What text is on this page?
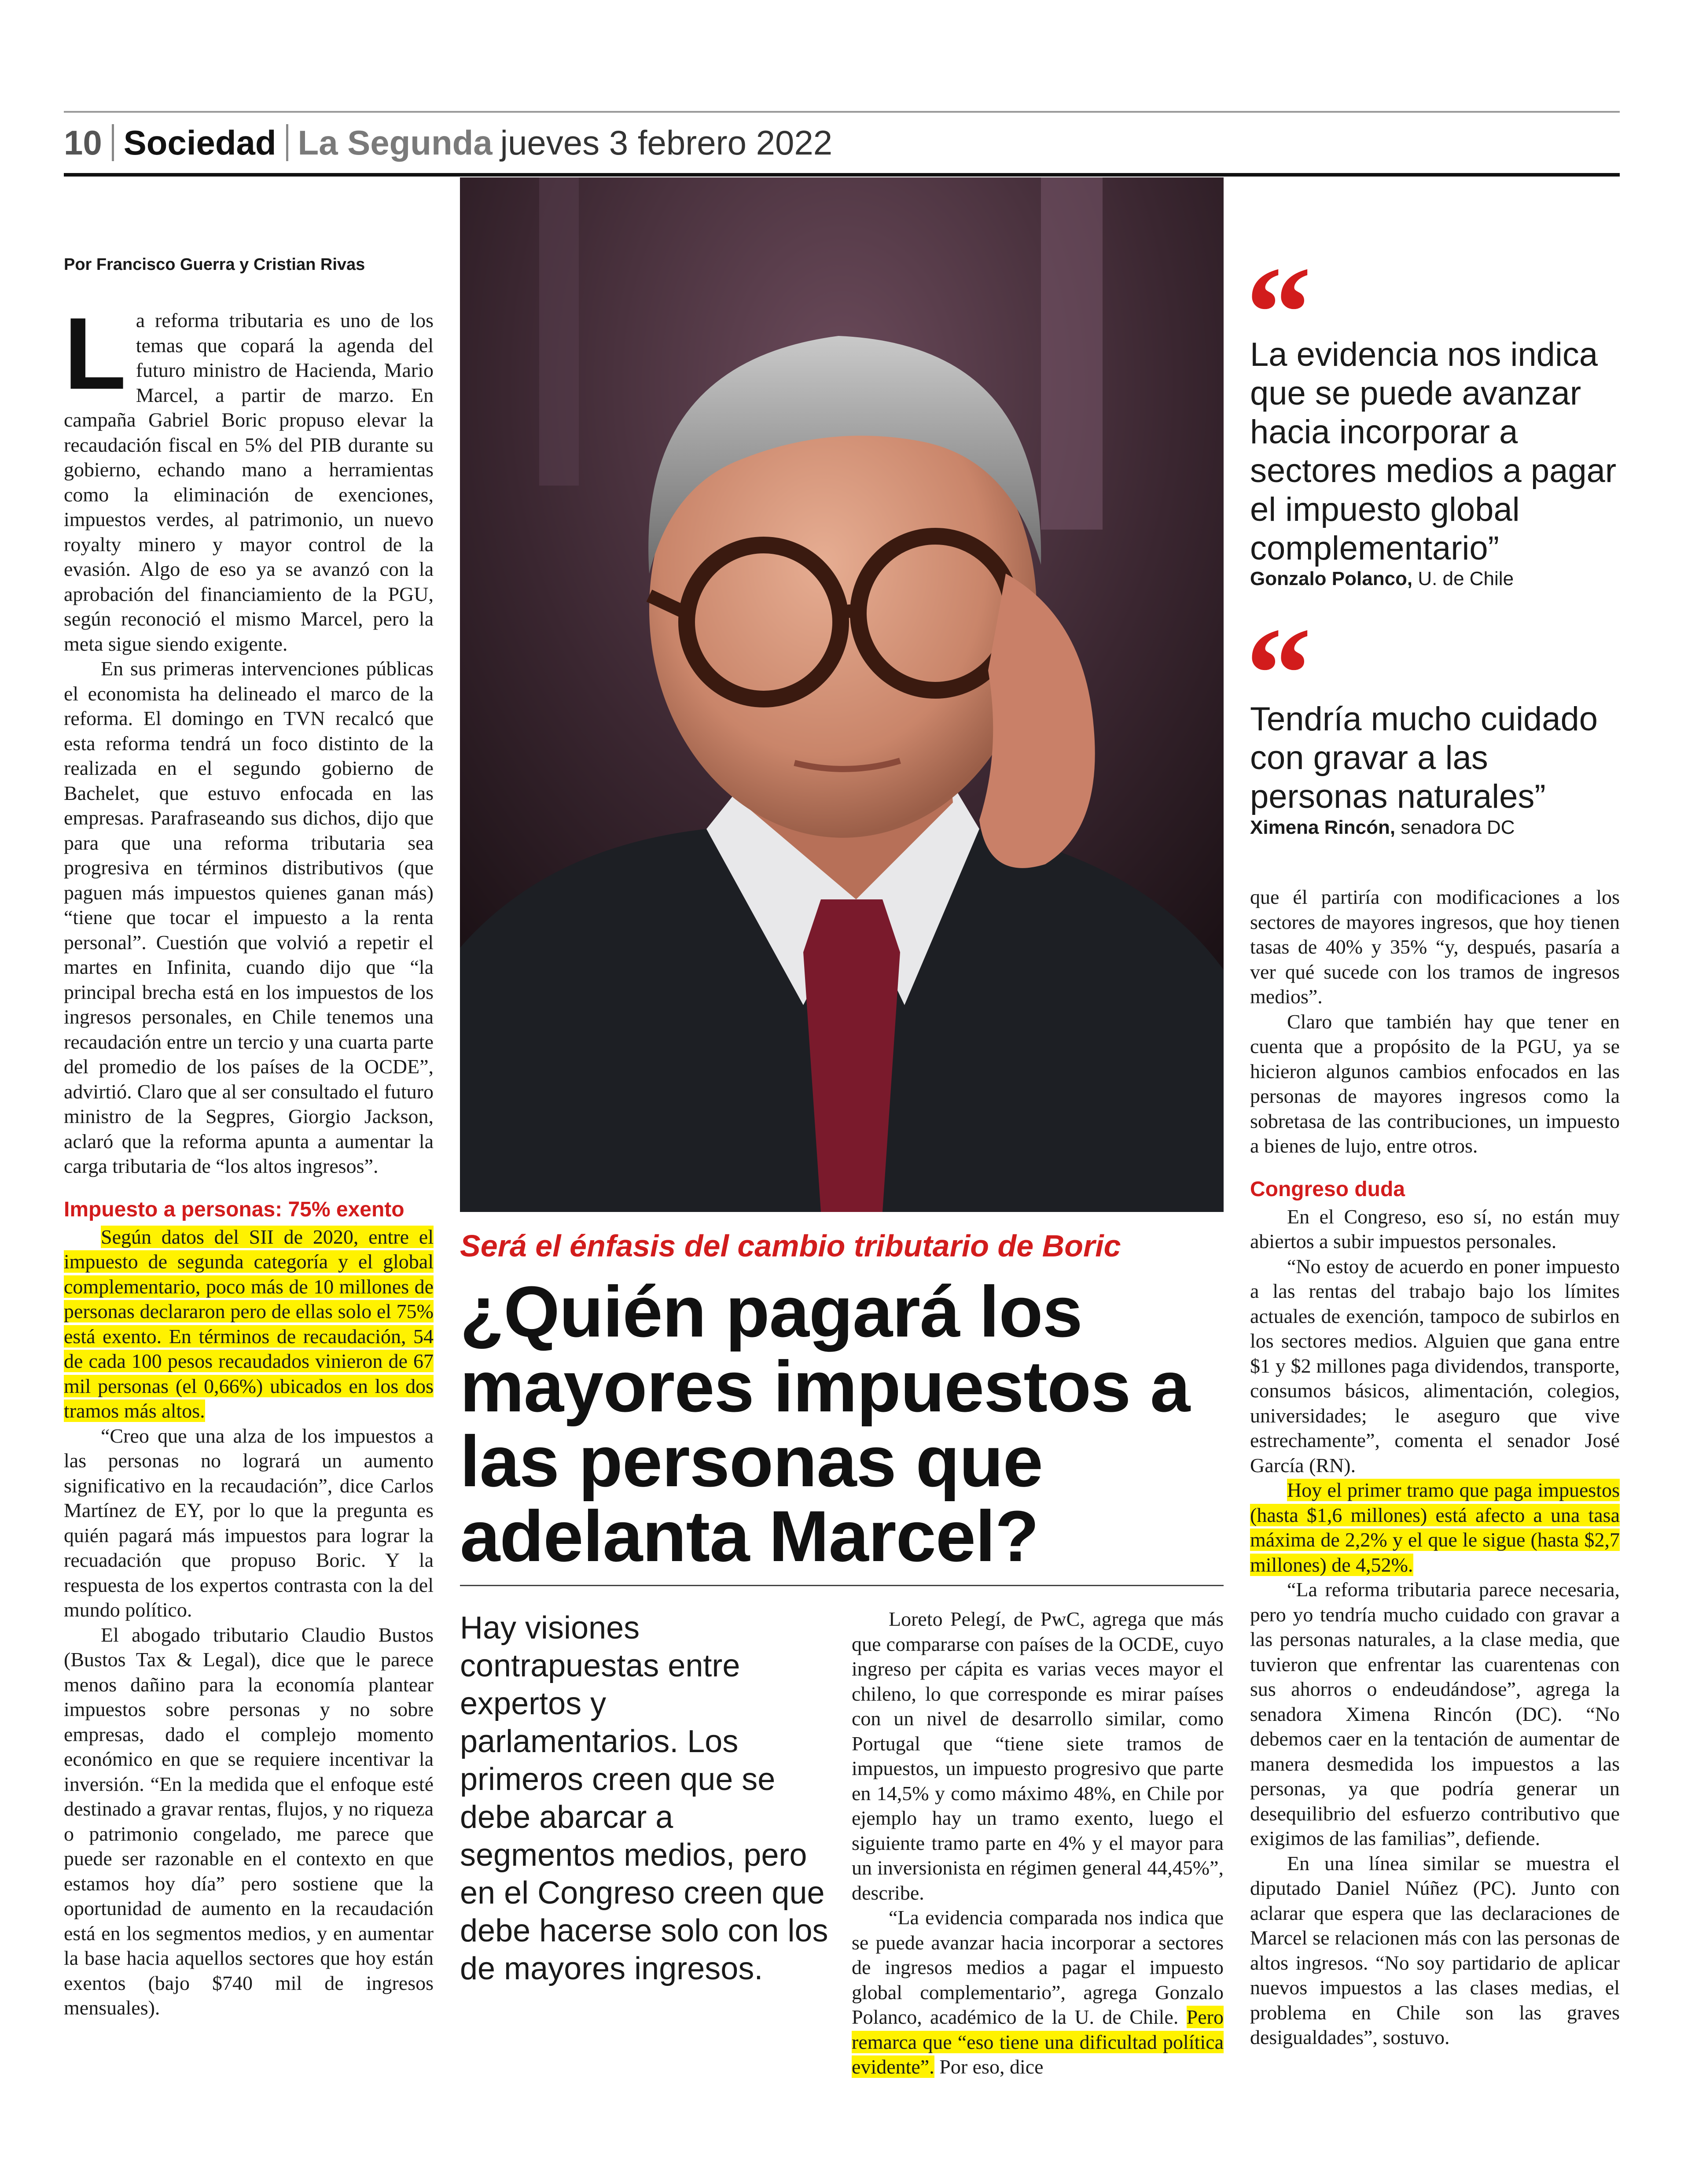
10 Sociedad La Segunda jueves 3 febrero 2022
Por Francisco Guerra y Cristian Rivas

La reforma tributaria es uno de los temas que copará la agenda del futuro ministro de Hacienda, Mario Marcel, a partir de marzo. En campaña Gabriel Boric propuso elevar la recaudación fiscal en 5% del PIB durante su gobierno, echando mano a herramientas como la eliminación de exenciones, impuestos verdes, al patrimonio, un nuevo royalty minero y mayor control de la evasión. Algo de eso ya se avanzó con la aprobación del financiamiento de la PGU, según reconoció el mismo Marcel, pero la meta sigue siendo exigente.

En sus primeras intervenciones públicas el economista ha delineado el marco de la reforma. El domingo en TVN recalcó que esta reforma tendrá un foco distinto de la realizada en el segundo gobierno de Bachelet, que estuvo enfocada en las empresas. Parafraseando sus dichos, dijo que para que una reforma tributaria sea progresiva en términos distributivos (que paguen más impuestos quienes ganan más) “tiene que tocar el impuesto a la renta personal”. Cuestión que volvió a repetir el martes en Infinita, cuando dijo que “la principal brecha está en los impuestos de los ingresos personales, en Chile tenemos una recaudación entre un tercio y una cuarta parte del promedio de los países de la OCDE”, advirtió. Claro que al ser consultado el futuro ministro de la Segpres, Giorgio Jackson, aclaró que la reforma apunta a aumentar la carga tributaria de “los altos ingresos”.

Impuesto a personas: 75% exento

Según datos del SII de 2020, entre el impuesto de segunda categoría y el global complementario, poco más de 10 millones de personas declararon pero de ellas solo el 75% está exento. En términos de recaudación, 54 de cada 100 pesos recaudados vinieron de 67 mil personas (el 0,66%) ubicados en los dos tramos más altos.

“Creo que una alza de los impuestos a las personas no logrará un aumento significativo en la recaudación”, dice Carlos Martínez de EY, por lo que la pregunta es quién pagará más impuestos para lograr la recuadación que propuso Boric. Y la respuesta de los expertos contrasta con la del mundo político.

El abogado tributario Claudio Bustos (Bustos Tax & Legal), dice que le parece menos dañino para la economía plantear impuestos sobre personas y no sobre empresas, dado el complejo momento económico en que se requiere incentivar la inversión. “En la medida que el enfoque esté destinado a gravar rentas, flujos, y no riqueza o patrimonio congelado, me parece que puede ser razonable en el contexto en que estamos hoy día” pero sostiene que la oportunidad de aumento en la recaudación está en los segmentos medios, y en aumentar la base hacia aquellos sectores que hoy están exentos (bajo $740 mil de ingresos mensuales).

Será el énfasis del cambio tributario de Boric
¿Quién pagará los mayores impuestos a las personas que adelanta Marcel?
Hay visiones contrapuestas entre expertos y parlamentarios. Los primeros creen que se debe abarcar a segmentos medios, pero en el Congreso creen que debe hacerse solo con los de mayores ingresos.

Loreto Pelegí, de PwC, agrega que más que compararse con países de la OCDE, cuyo ingreso per cápita es varias veces mayor el chileno, lo que corresponde es mirar países con un nivel de desarrollo similar, como Portugal que “tiene siete tramos de impuestos, un impuesto progresivo que parte en 14,5% y como máximo 48%, en Chile por ejemplo hay un tramo exento, luego el siguiente tramo parte en 4% y el mayor para un inversionista en régimen general 44,45%”, describe.

“La evidencia comparada nos indica que se puede avanzar hacia incorporar a sectores de ingresos medios a pagar el impuesto global complementario”, agrega Gonzalo Polanco, académico de la U. de Chile. Pero remarca que “eso tiene una dificultad política evidente”. Por eso, dice

“
La evidencia nos indica que se puede avanzar hacia incorporar a sectores medios a pagar el impuesto global complementario”
Gonzalo Polanco, U. de Chile
“
Tendría mucho cuidado con gravar a las personas naturales”
Ximena Rincón, senadora DC

que él partiría con modificaciones a los sectores de mayores ingresos, que hoy tienen tasas de 40% y 35% “y, después, pasaría a ver qué sucede con los tramos de ingresos medios”.

Claro que también hay que tener en cuenta que a propósito de la PGU, ya se hicieron algunos cambios enfocados en las personas de mayores ingresos como la sobretasa de las contribuciones, un impuesto a bienes de lujo, entre otros.

Congreso duda

En el Congreso, eso sí, no están muy abiertos a subir impuestos personales.

“No estoy de acuerdo en poner impuesto a las rentas del trabajo bajo los límites actuales de exención, tampoco de subirlos en los sectores medios. Alguien que gana entre $1 y $2 millones paga dividendos, transporte, consumos básicos, alimentación, colegios, universidades; le aseguro que vive estrechamente”, comenta el senador José García (RN).

Hoy el primer tramo que paga impuestos (hasta $1,6 millones) está afecto a una tasa máxima de 2,2% y el que le sigue (hasta $2,7 millones) de 4,52%.

“La reforma tributaria parece necesaria, pero yo tendría mucho cuidado con gravar a las personas naturales, a la clase media, que tuvieron que enfrentar las cuarentenas con sus ahorros o endeudándose”, agrega la senadora Ximena Rincón (DC). “No debemos caer en la tentación de aumentar de manera desmedida los impuestos a las personas, ya que podría generar un desequilibrio del esfuerzo contributivo que exigimos de las familias”, defiende.

En una línea similar se muestra el diputado Daniel Núñez (PC). Junto con aclarar que espera que las declaraciones de Marcel se relacionen más con las personas de altos ingresos. “No soy partidario de aplicar nuevos impuestos a las clases medias, el problema en Chile son las graves desigualdades”, sostuvo.
